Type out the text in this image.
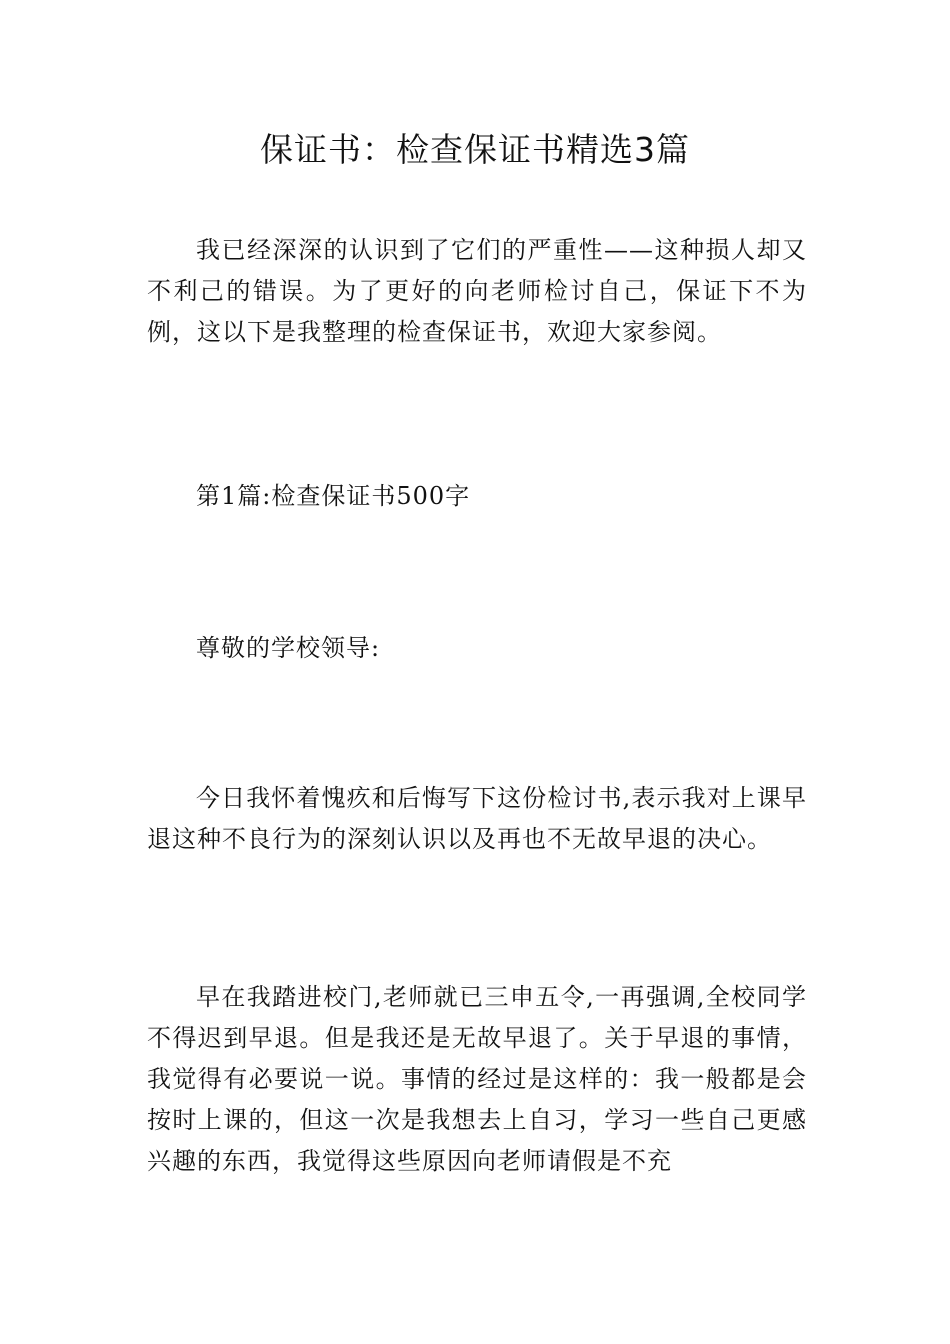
保证书：检查保证书精选3篇

我已经深深的认识到了它们的严重性——这种损人却又不利己的错误。为了更好的向老师检讨自己，保证下不为例，这以下是我整理的检查保证书，欢迎大家参阅。

第1篇:检查保证书500字

尊敬的学校领导:

今日我怀着愧疚和后悔写下这份检讨书,表示我对上课早退这种不良行为的深刻认识以及再也不无故早退的决心。

早在我踏进校门,老师就已三申五令,一再强调,全校同学不得迟到早退。但是我还是无故早退了。关于早退的事情，我觉得有必要说一说。事情的经过是这样的：我一般都是会按时上课的，但这一次是我想去上自习，学习一些自己更感兴趣的东西，我觉得这些原因向老师请假是不充
